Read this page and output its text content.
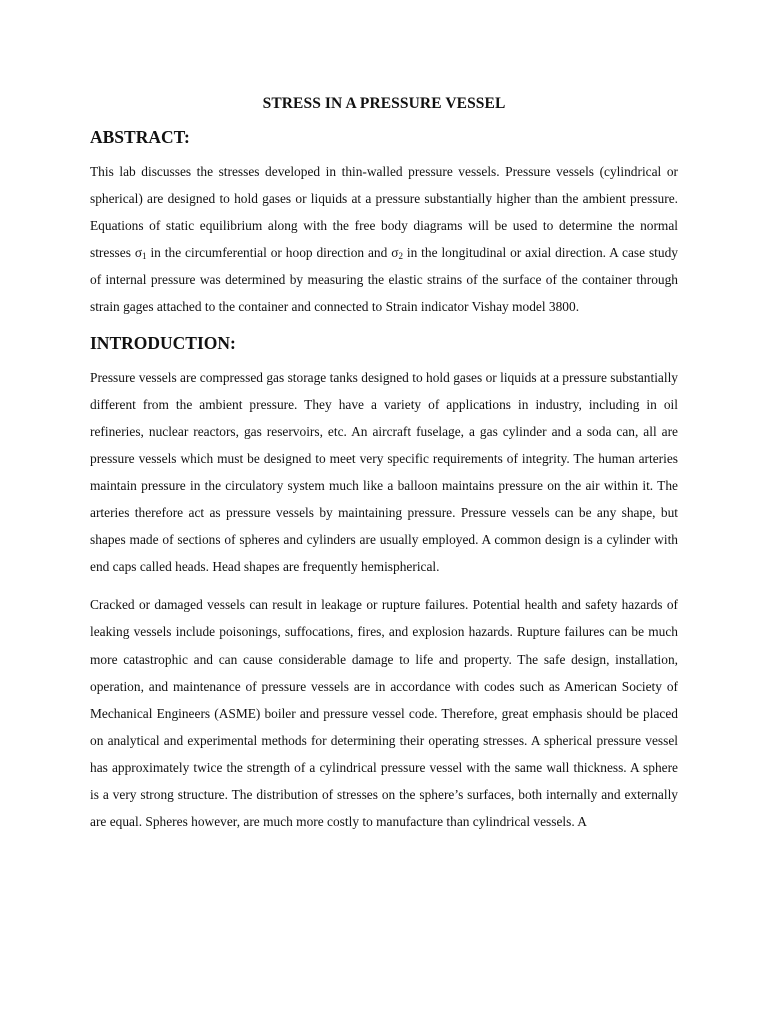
STRESS IN A PRESSURE VESSEL
ABSTRACT:

This lab discusses the stresses developed in thin-walled pressure vessels. Pressure vessels (cylindrical or spherical) are designed to hold gases or liquids at a pressure substantially higher than the ambient pressure. Equations of static equilibrium along with the free body diagrams will be used to determine the normal stresses $\sigma_1$ in the circumferential or hoop direction and $\sigma_2$ in the longitudinal or axial direction. A case study of internal pressure was determined by measuring the elastic strains of the surface of the container through strain gages attached to the container and connected to Strain indicator Vishay model 3800.

INTRODUCTION:

Pressure vessels are compressed gas storage tanks designed to hold gases or liquids at a pressure substantially different from the ambient pressure. They have a variety of applications in industry, including in oil refineries, nuclear reactors, gas reservoirs, etc. An aircraft fuselage, a gas cylinder and a soda can, all are pressure vessels which must be designed to meet very specific requirements of integrity. The human arteries maintain pressure in the circulatory system much like a balloon maintains pressure on the air within it. The arteries therefore act as pressure vessels by maintaining pressure. Pressure vessels can be any shape, but shapes made of sections of spheres and cylinders are usually employed. A common design is a cylinder with end caps called heads. Head shapes are frequently hemispherical.

Cracked or damaged vessels can result in leakage or rupture failures. Potential health and safety hazards of leaking vessels include poisonings, suffocations, fires, and explosion hazards. Rupture failures can be much more catastrophic and can cause considerable damage to life and property. The safe design, installation, operation, and maintenance of pressure vessels are in accordance with codes such as American Society of Mechanical Engineers (ASME) boiler and pressure vessel code. Therefore, great emphasis should be placed on analytical and experimental methods for determining their operating stresses. A spherical pressure vessel has approximately twice the strength of a cylindrical pressure vessel with the same wall thickness. A sphere is a very strong structure. The distribution of stresses on the sphere’s surfaces, both internally and externally are equal. Spheres however, are much more costly to manufacture than cylindrical vessels. A
